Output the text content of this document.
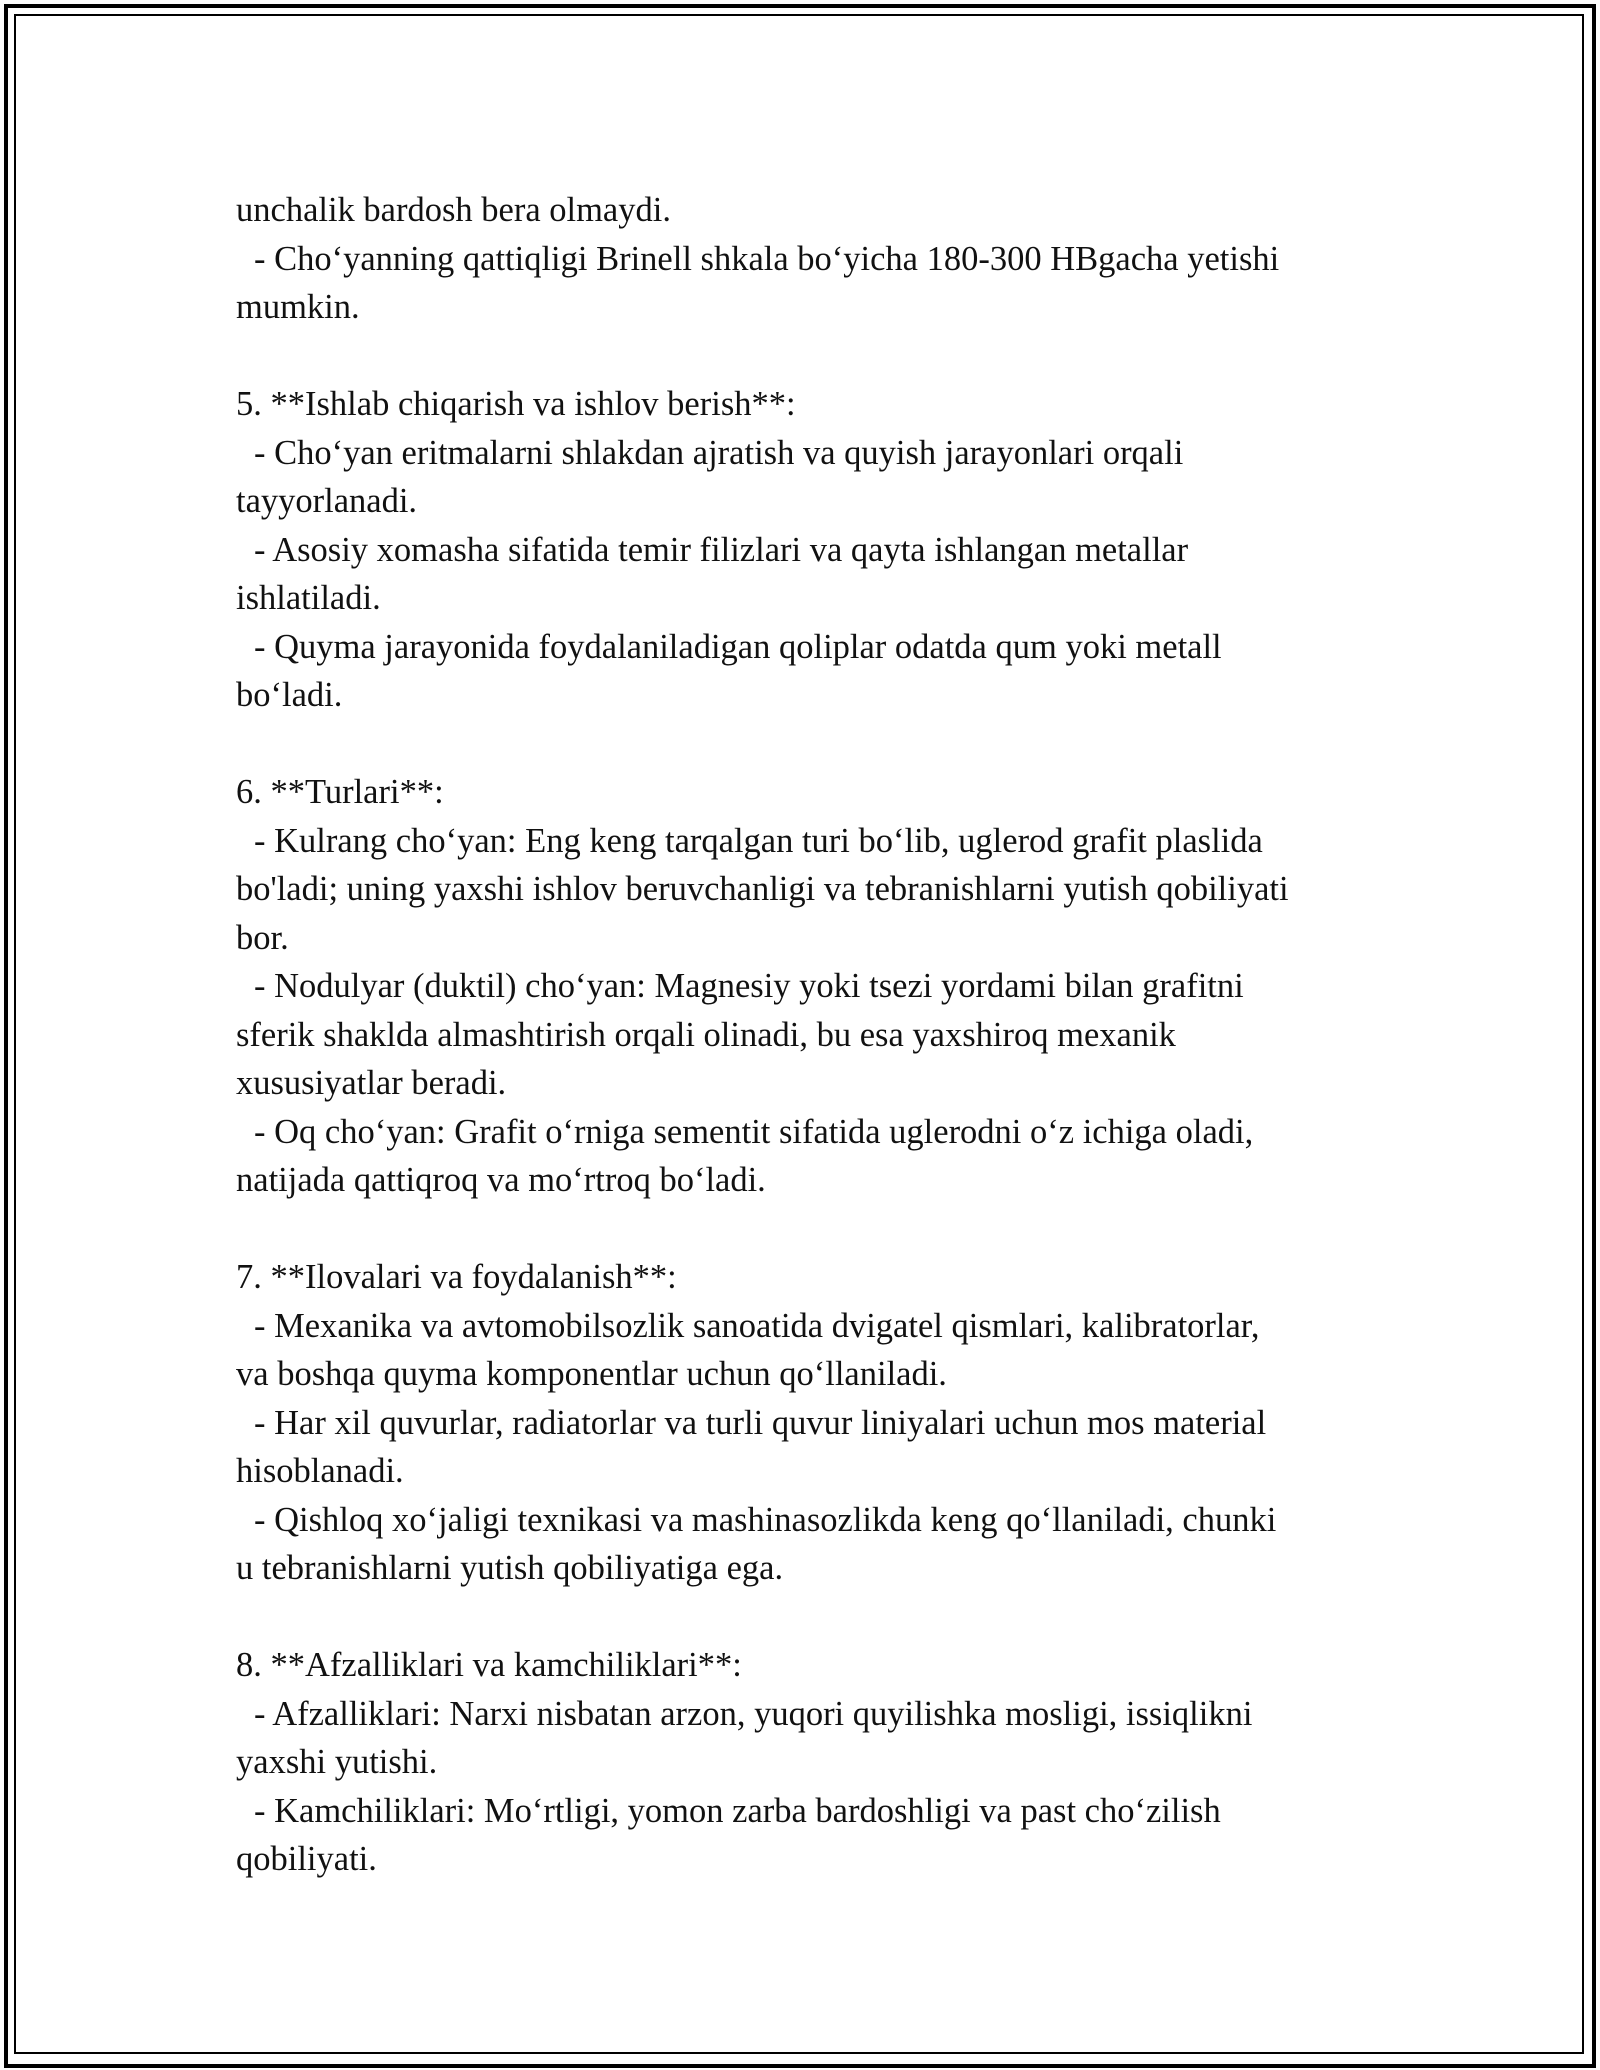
unchalik bardosh bera olmaydi.
- Cho‘yanning qattiqligi Brinell shkala bo‘yicha 180-300 HBgacha yetishi
mumkin.
5. **Ishlab chiqarish va ishlov berish**:
- Cho‘yan eritmalarni shlakdan ajratish va quyish jarayonlari orqali
tayyorlanadi.
- Asosiy xomasha sifatida temir filizlari va qayta ishlangan metallar
ishlatiladi.
- Quyma jarayonida foydalaniladigan qoliplar odatda qum yoki metall
bo‘ladi.
6. **Turlari**:
- Kulrang cho‘yan: Eng keng tarqalgan turi bo‘lib, uglerod grafit plaslida
bo'ladi; uning yaxshi ishlov beruvchanligi va tebranishlarni yutish qobiliyati
bor.
- Nodulyar (duktil) cho‘yan: Magnesiy yoki tsezi yordami bilan grafitni
sferik shaklda almashtirish orqali olinadi, bu esa yaxshiroq mexanik
xususiyatlar beradi.
- Oq cho‘yan: Grafit o‘rniga sementit sifatida uglerodni o‘z ichiga oladi,
natijada qattiqroq va mo‘rtroq bo‘ladi.
7. **Ilovalari va foydalanish**:
- Mexanika va avtomobilsozlik sanoatida dvigatel qismlari, kalibratorlar,
va boshqa quyma komponentlar uchun qo‘llaniladi.
- Har xil quvurlar, radiatorlar va turli quvur liniyalari uchun mos material
hisoblanadi.
- Qishloq xo‘jaligi texnikasi va mashinasozlikda keng qo‘llaniladi, chunki
u tebranishlarni yutish qobiliyatiga ega.
8. **Afzalliklari va kamchiliklari**:
- Afzalliklari: Narxi nisbatan arzon, yuqori quyilishka mosligi, issiqlikni
yaxshi yutishi.
- Kamchiliklari: Mo‘rtligi, yomon zarba bardoshligi va past cho‘zilish
qobiliyati.
